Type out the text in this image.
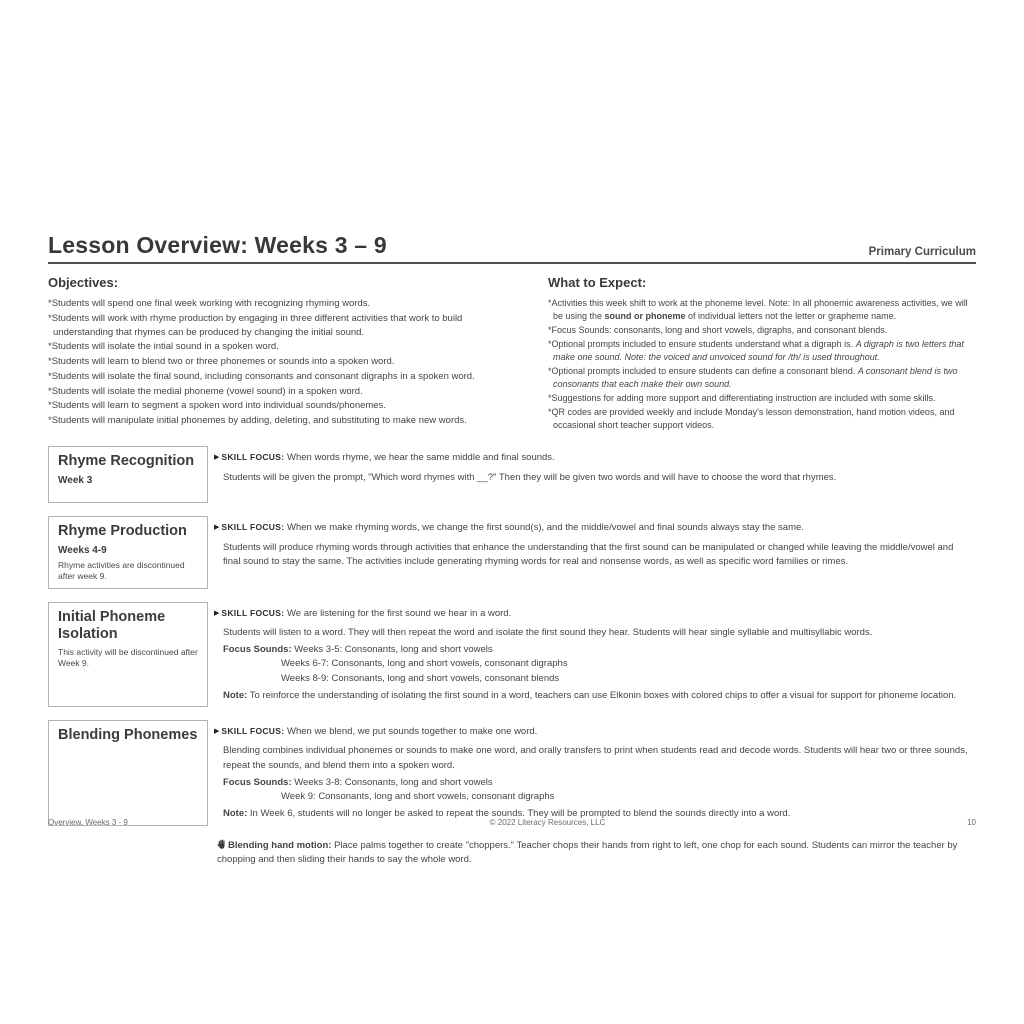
Lesson Overview: Weeks 3 – 9	Primary Curriculum
Objectives:
*Students will spend one final week working with recognizing rhyming words.
*Students will work with rhyme production by engaging in three different activities that work to build understanding that rhymes can be produced by changing the initial sound.
*Students will isolate the intial sound in a spoken word.
*Students will learn to blend two or three phonemes or sounds into a spoken word.
*Students will isolate the final sound, including consonants and consonant digraphs in a spoken word.
*Students will isolate the medial phoneme (vowel sound) in a spoken word.
*Students will learn to segment a spoken word into individual sounds/phonemes.
*Students will manipulate initial phonemes by adding, deleting, and substituting to make new words.
What to Expect:
*Activities this week shift to work at the phoneme level. Note: In all phonemic awareness activities, we will be using the sound or phoneme of individual letters not the letter or grapheme name.
*Focus Sounds: consonants, long and short vowels, digraphs, and consonant blends.
*Optional prompts included to ensure students understand what a digraph is. A digraph is two letters that make one sound. Note: the voiced and unvoiced sound for /th/ is used throughout.
*Optional prompts included to ensure students can define a consonant blend. A consonant blend is two consonants that each make their own sound.
*Suggestions for adding more support and differentiating instruction are included with some skills.
*QR codes are provided weekly and include Monday's lesson demonstration, hand motion videos, and occasional short teacher support videos.
Rhyme Recognition
Week 3
▶ SKILL FOCUS: When words rhyme, we hear the same middle and final sounds.
Students will be given the prompt, "Which word rhymes with __?" Then they will be given two words and will have to choose the word that rhymes.
Rhyme Production
Weeks 4-9
Rhyme activities are discontinued after week 9.
▶ SKILL FOCUS: When we make rhyming words, we change the first sound(s), and the middle/vowel and final sounds always stay the same.
Students will produce rhyming words through activities that enhance the understanding that the first sound can be manipulated or changed while leaving the middle/vowel and final sound to stay the same. The activities include generating rhyming words for real and nonsense words, as well as specific word families or rimes.
Initial Phoneme Isolation
This activity will be discontinued after Week 9.
▶ SKILL FOCUS: We are listening for the first sound we hear in a word.
Students will listen to a word. They will then repeat the word and isolate the first sound they hear. Students will hear single syllable and multisyllabic words.
Focus Sounds: Weeks 3-5: Consonants, long and short vowels
Weeks 6-7: Consonants, long and short vowels, consonant digraphs
Weeks 8-9: Consonants, long and short vowels, consonant blends
Note: To reinforce the understanding of isolating the first sound in a word, teachers can use Elkonin boxes with colored chips to offer a visual for support for phoneme location.
Blending Phonemes ▶ SKILL FOCUS: When we blend, we put sounds together to make one word.
Blending combines individual phonemes or sounds to make one word, and orally transfers to print when students read and decode words. Students will hear two or three sounds, repeat the sounds, and blend them into a spoken word.
Focus Sounds: Weeks 3-8: Consonants, long and short vowels
Week 9: Consonants, long and short vowels, consonant digraphs
Note: In Week 6, students will no longer be asked to repeat the sounds. They will be prompted to blend the sounds directly into a word.
Blending hand motion: Place palms together to create "choppers." Teacher chops their hands from right to left, one chop for each sound. Students can mirror the teacher by chopping and then sliding their hands to say the whole word.
Overview, Weeks 3 - 9	© 2022 Literacy Resources, LLC	10
